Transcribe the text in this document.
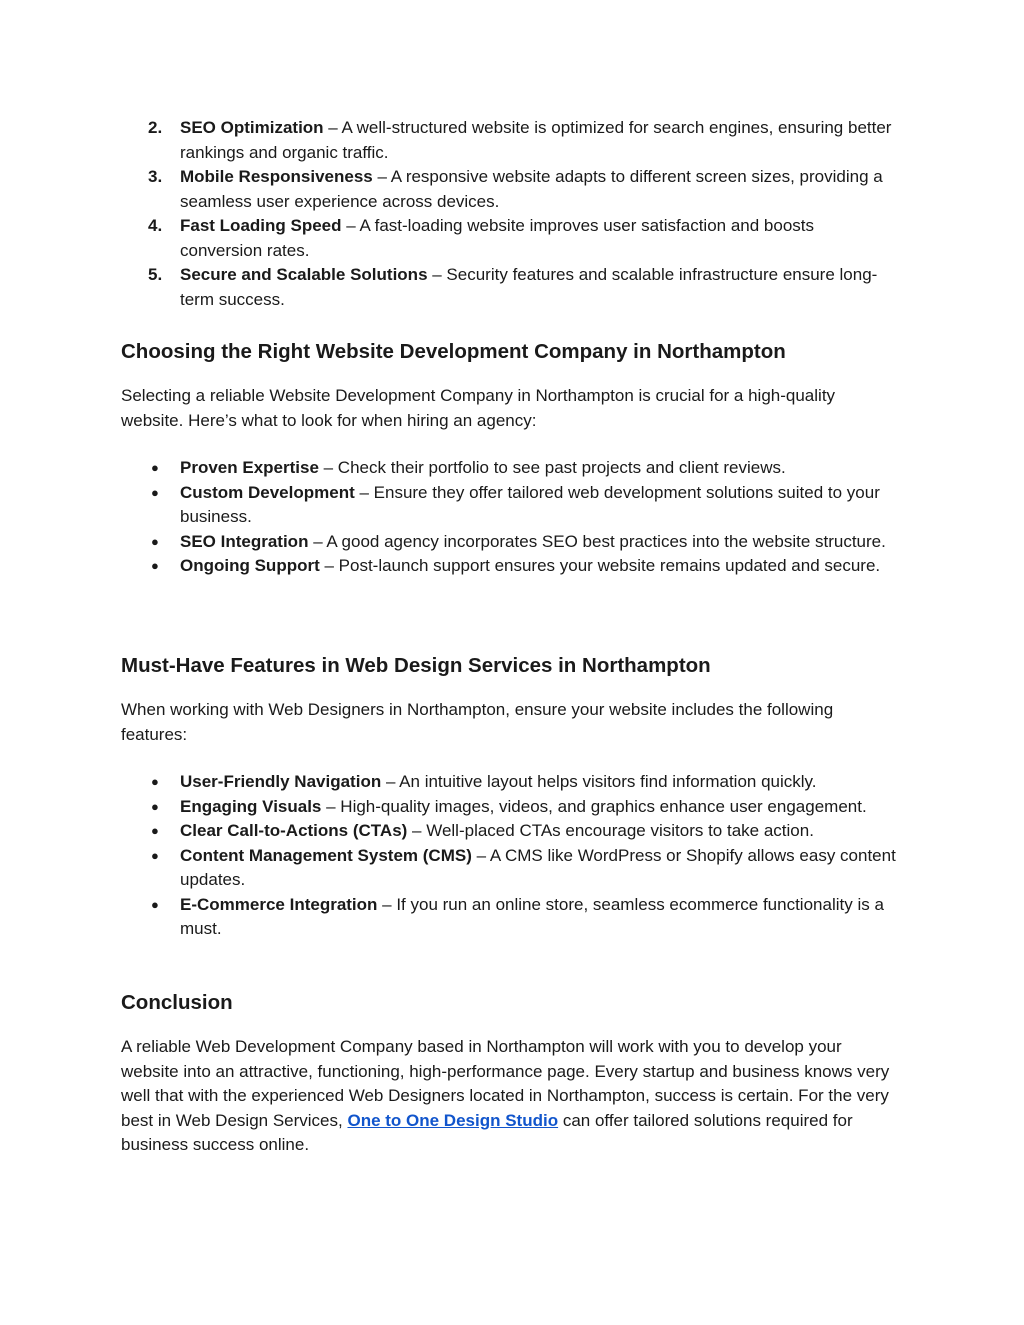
2. SEO Optimization – A well-structured website is optimized for search engines, ensuring better rankings and organic traffic.
3. Mobile Responsiveness – A responsive website adapts to different screen sizes, providing a seamless user experience across devices.
4. Fast Loading Speed – A fast-loading website improves user satisfaction and boosts conversion rates.
5. Secure and Scalable Solutions – Security features and scalable infrastructure ensure long-term success.
Choosing the Right Website Development Company in Northampton

Selecting a reliable Website Development Company in Northampton is crucial for a high-quality website. Here’s what to look for when hiring an agency:

● Proven Expertise – Check their portfolio to see past projects and client reviews.
● Custom Development – Ensure they offer tailored web development solutions suited to your business.
● SEO Integration – A good agency incorporates SEO best practices into the website structure.
● Ongoing Support – Post-launch support ensures your website remains updated and secure.
Must-Have Features in Web Design Services in Northampton

When working with Web Designers in Northampton, ensure your website includes the following features:

● User-Friendly Navigation – An intuitive layout helps visitors find information quickly.
● Engaging Visuals – High-quality images, videos, and graphics enhance user engagement.
● Clear Call-to-Actions (CTAs) – Well-placed CTAs encourage visitors to take action.
● Content Management System (CMS) – A CMS like WordPress or Shopify allows easy content updates.
● E-Commerce Integration – If you run an online store, seamless ecommerce functionality is a must.
Conclusion

A reliable Web Development Company based in Northampton will work with you to develop your website into an attractive, functioning, high-performance page. Every startup and business knows very well that with the experienced Web Designers located in Northampton, success is certain. For the very best in Web Design Services, One to One Design Studio can offer tailored solutions required for business success online.
